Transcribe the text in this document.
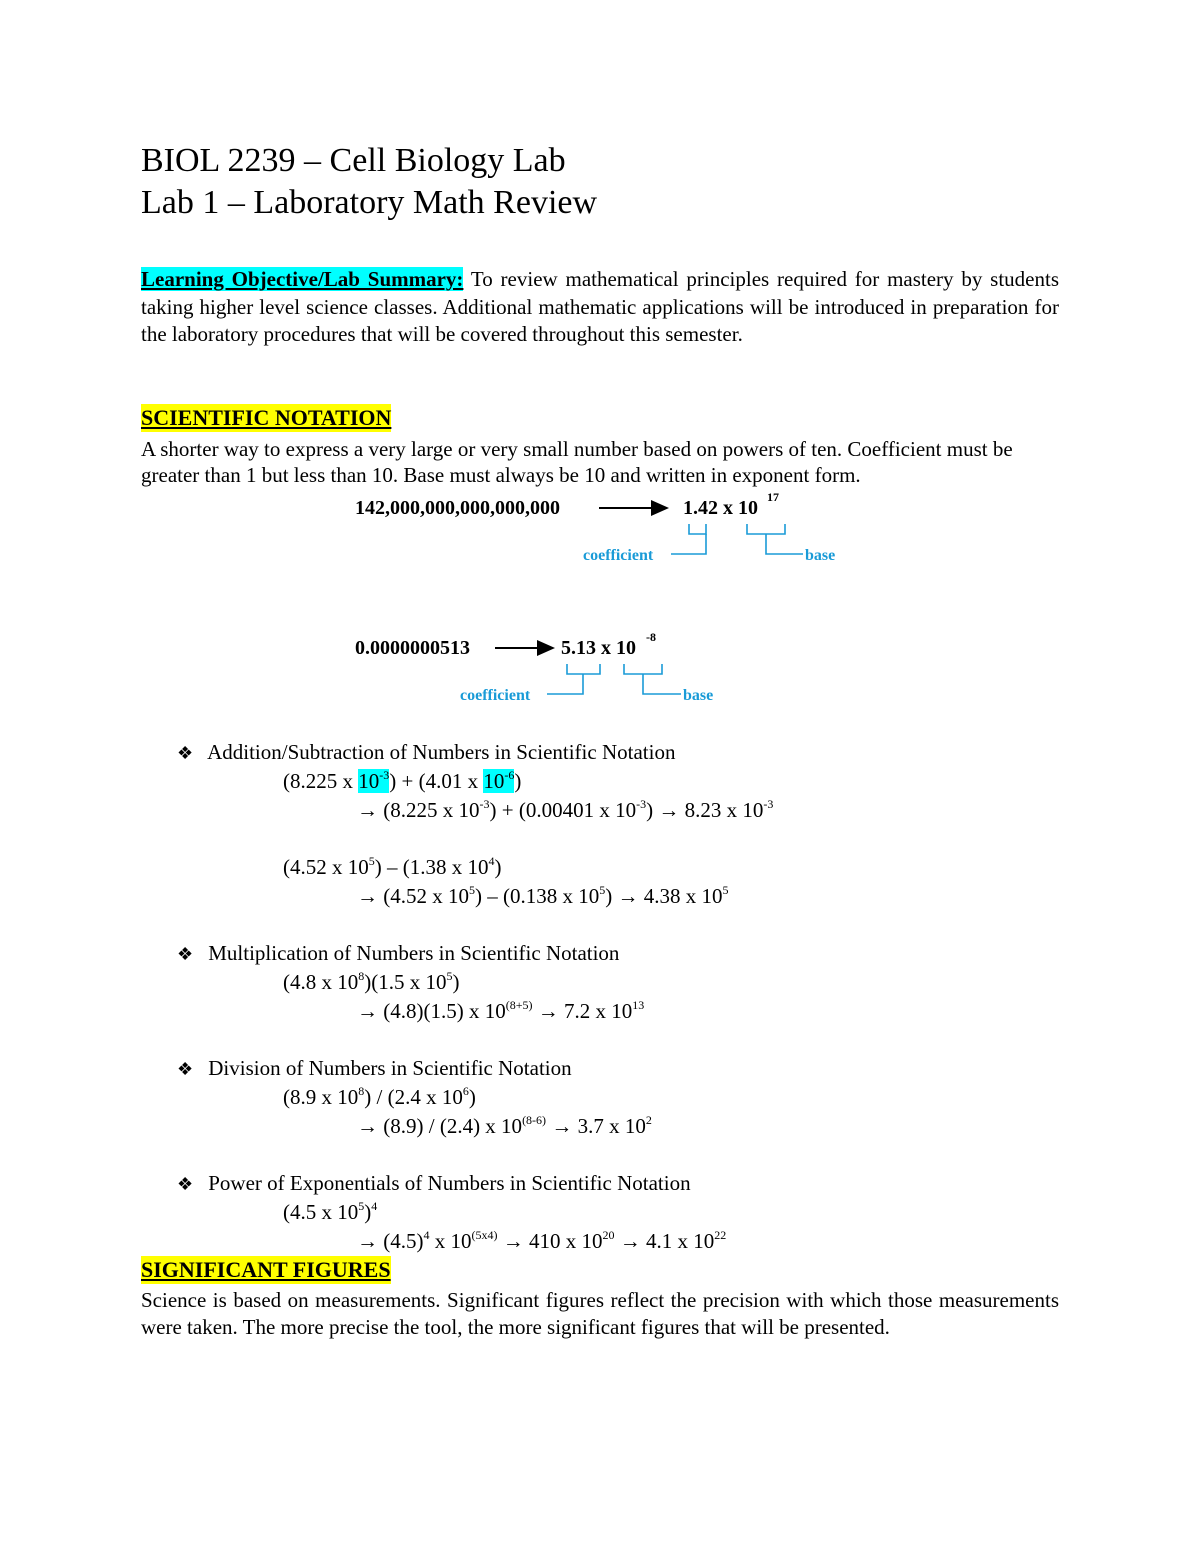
BIOL 2239 – Cell Biology Lab
Lab 1 – Laboratory Math Review
Learning Objective/Lab Summary: To review mathematical principles required for mastery by students taking higher level science classes. Additional mathematic applications will be introduced in preparation for the laboratory procedures that will be covered throughout this semester.
SCIENTIFIC NOTATION
A shorter way to express a very large or very small number based on powers of ten. Coefficient must be greater than 1 but less than 10. Base must always be 10 and written in exponent form.
142,000,000,000,000,000	1.42 x 10 17
coefficient	base
0.0000000513	5.13 x 10 -8
coefficient	base
❖ Addition/Subtraction of Numbers in Scientific Notation
(8.225 x $10^{-3}) + (4.01$ x $10^{-6}$)
→ (8.225 x $10^{-3}) + (0.00401$ x $10^{-3}) \to 8.23$ x $10^{-3}$
(4.52 x $10^5) - (1.38$ x $10^4$)
→ (4.52 x $10^5) - (0.138$ x $10^5) \to 4.38$ x $10^5$
❖ Multiplication of Numbers in Scientific Notation
(4.8 x $10^8)(1.5$ x $10^5$)
→ (4.8)(1.5) x $10^{(8+5)} \to 7.2$ x $10^{13}$
❖ Division of Numbers in Scientific Notation
(8.9 x $10^8) / (2.4$ x $10^6$)
→ (8.9) / (2.4) x $10^{(8-6)} \to 3.7$ x $10^2$
❖ Power of Exponentials of Numbers in Scientific Notation
(4.5 x $10^5)^4$
→ $(4.5)^4$ x $10^{(5x4)} \to 410$ x $10^{20} \to 4.1$ x $10^{22}$
SIGNIFICANT FIGURES
Science is based on measurements. Significant figures reflect the precision with which those measurements were taken. The more precise the tool, the more significant figures that will be presented.
